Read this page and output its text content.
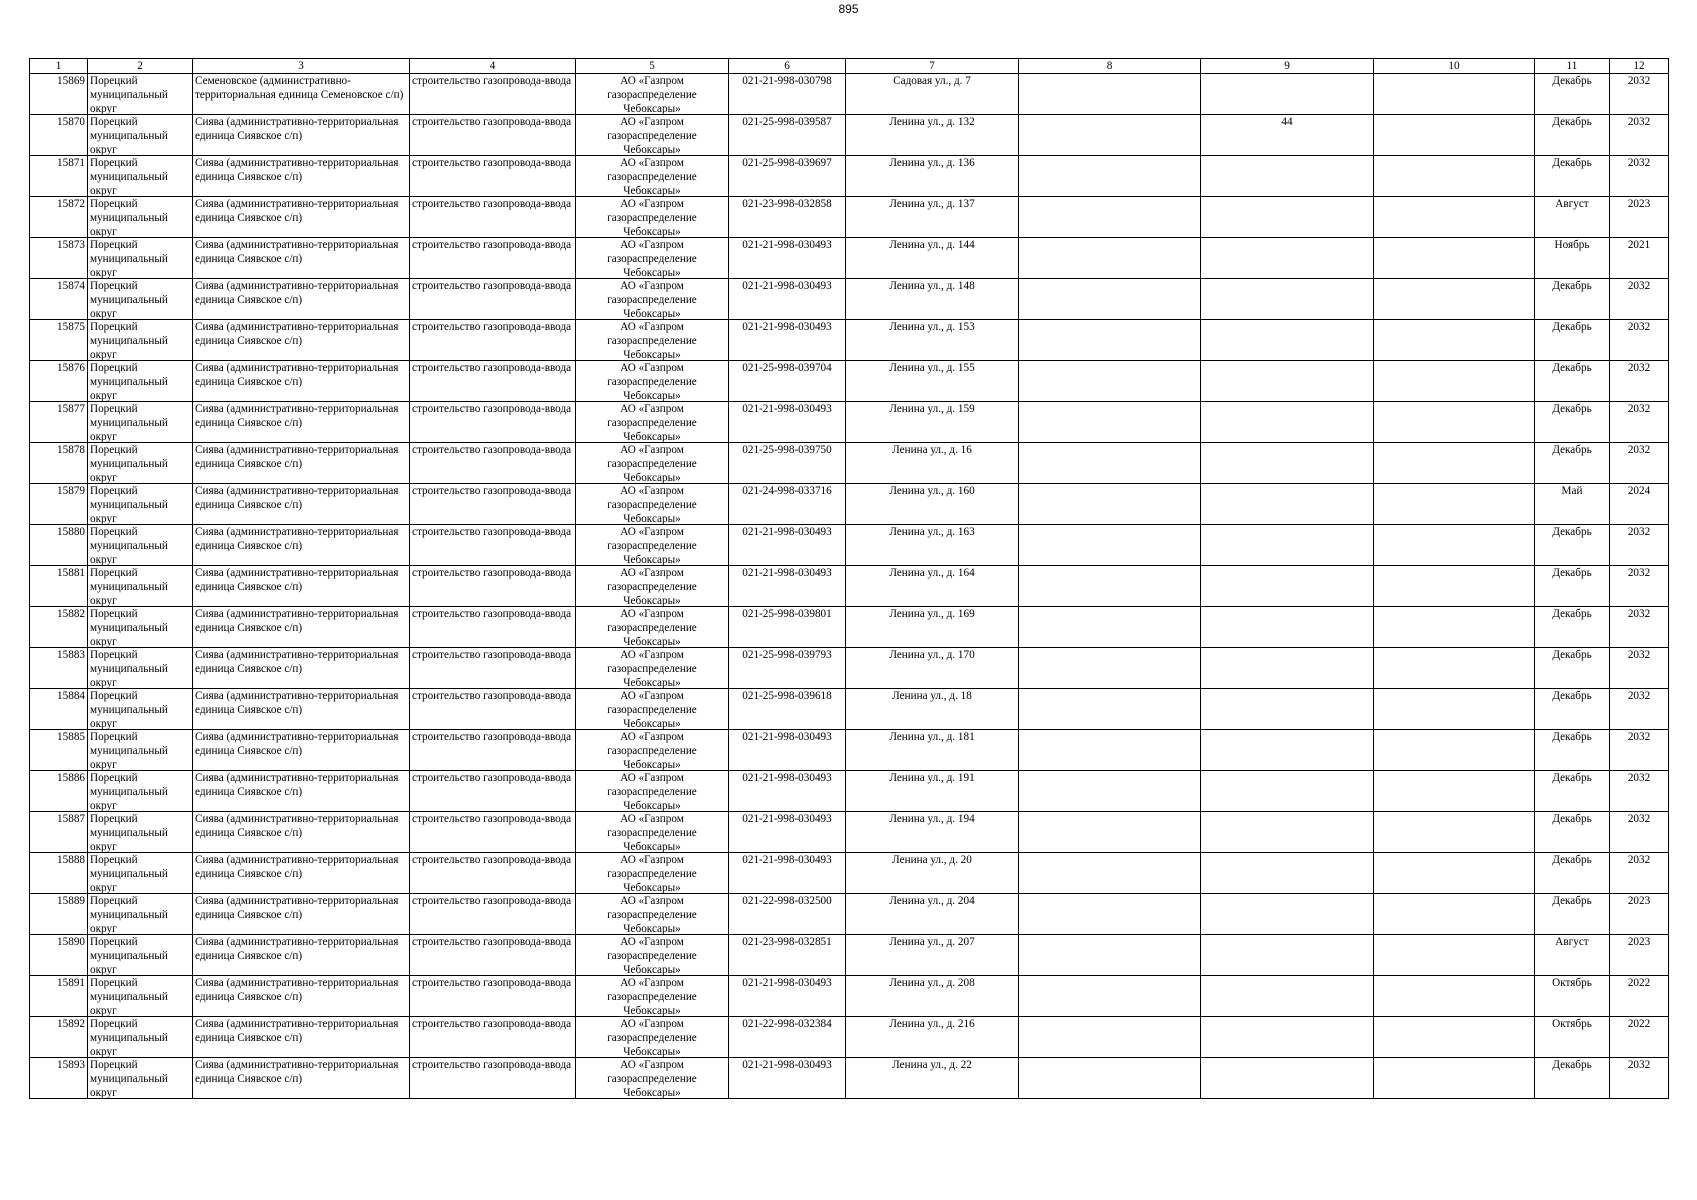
895
1	2	3	4	5	6	7	8	9	10	11	12

15869	Порецкий муниципальный округ	Семеновское (административно-территориальная единица Семеновское с/п)	строительство газопровода-ввода	АО «Газпром газораспределение Чебоксары»	021-21-998-030798	Садовая ул., д. 7				Декабрь	2032

15870	Порецкий муниципальный округ	Сиява (административно-территориальная единица Сиявское с/п)	строительство газопровода-ввода	АО «Газпром газораспределение Чебоксары»	021-25-998-039587	Ленина ул., д. 132		44		Декабрь	2032

15871	Порецкий муниципальный округ	Сиява (административно-территориальная единица Сиявское с/п)	строительство газопровода-ввода	АО «Газпром газораспределение Чебоксары»	021-25-998-039697	Ленина ул., д. 136				Декабрь	2032

15872	Порецкий муниципальный округ	Сиява (административно-территориальная единица Сиявское с/п)	строительство газопровода-ввода	АО «Газпром газораспределение Чебоксары»	021-23-998-032858	Ленина ул., д. 137				Август	2023

15873	Порецкий муниципальный округ	Сиява (административно-территориальная единица Сиявское с/п)	строительство газопровода-ввода	АО «Газпром газораспределение Чебоксары»	021-21-998-030493	Ленина ул., д. 144				Ноябрь	2021

15874	Порецкий муниципальный округ	Сиява (административно-территориальная единица Сиявское с/п)	строительство газопровода-ввода	АО «Газпром газораспределение Чебоксары»	021-21-998-030493	Ленина ул., д. 148				Декабрь	2032

15875	Порецкий муниципальный округ	Сиява (административно-территориальная единица Сиявское с/п)	строительство газопровода-ввода	АО «Газпром газораспределение Чебоксары»	021-21-998-030493	Ленина ул., д. 153				Декабрь	2032

15876	Порецкий муниципальный округ	Сиява (административно-территориальная единица Сиявское с/п)	строительство газопровода-ввода	АО «Газпром газораспределение Чебоксары»	021-25-998-039704	Ленина ул., д. 155				Декабрь	2032

15877	Порецкий муниципальный округ	Сиява (административно-территориальная единица Сиявское с/п)	строительство газопровода-ввода	АО «Газпром газораспределение Чебоксары»	021-21-998-030493	Ленина ул., д. 159				Декабрь	2032

15878	Порецкий муниципальный округ	Сиява (административно-территориальная единица Сиявское с/п)	строительство газопровода-ввода	АО «Газпром газораспределение Чебоксары»	021-25-998-039750	Ленина ул., д. 16				Декабрь	2032

15879	Порецкий муниципальный округ	Сиява (административно-территориальная единица Сиявское с/п)	строительство газопровода-ввода	АО «Газпром газораспределение Чебоксары»	021-24-998-033716	Ленина ул., д. 160				Май	2024

15880	Порецкий муниципальный округ	Сиява (административно-территориальная единица Сиявское с/п)	строительство газопровода-ввода	АО «Газпром газораспределение Чебоксары»	021-21-998-030493	Ленина ул., д. 163				Декабрь	2032

15881	Порецкий муниципальный округ	Сиява (административно-территориальная единица Сиявское с/п)	строительство газопровода-ввода	АО «Газпром газораспределение Чебоксары»	021-21-998-030493	Ленина ул., д. 164				Декабрь	2032

15882	Порецкий муниципальный округ	Сиява (административно-территориальная единица Сиявское с/п)	строительство газопровода-ввода	АО «Газпром газораспределение Чебоксары»	021-25-998-039801	Ленина ул., д. 169				Декабрь	2032

15883	Порецкий муниципальный округ	Сиява (административно-территориальная единица Сиявское с/п)	строительство газопровода-ввода	АО «Газпром газораспределение Чебоксары»	021-25-998-039793	Ленина ул., д. 170				Декабрь	2032

15884	Порецкий муниципальный округ	Сиява (административно-территориальная единица Сиявское с/п)	строительство газопровода-ввода	АО «Газпром газораспределение Чебоксары»	021-25-998-039618	Ленина ул., д. 18				Декабрь	2032

15885	Порецкий муниципальный округ	Сиява (административно-территориальная единица Сиявское с/п)	строительство газопровода-ввода	АО «Газпром газораспределение Чебоксары»	021-21-998-030493	Ленина ул., д. 181				Декабрь	2032

15886	Порецкий муниципальный округ	Сиява (административно-территориальная единица Сиявское с/п)	строительство газопровода-ввода	АО «Газпром газораспределение Чебоксары»	021-21-998-030493	Ленина ул., д. 191				Декабрь	2032

15887	Порецкий муниципальный округ	Сиява (административно-территориальная единица Сиявское с/п)	строительство газопровода-ввода	АО «Газпром газораспределение Чебоксары»	021-21-998-030493	Ленина ул., д. 194				Декабрь	2032

15888	Порецкий муниципальный округ	Сиява (административно-территориальная единица Сиявское с/п)	строительство газопровода-ввода	АО «Газпром газораспределение Чебоксары»	021-21-998-030493	Ленина ул., д. 20				Декабрь	2032

15889	Порецкий муниципальный округ	Сиява (административно-территориальная единица Сиявское с/п)	строительство газопровода-ввода	АО «Газпром газораспределение Чебоксары»	021-22-998-032500	Ленина ул., д. 204				Декабрь	2023

15890	Порецкий муниципальный округ	Сиява (административно-территориальная единица Сиявское с/п)	строительство газопровода-ввода	АО «Газпром газораспределение Чебоксары»	021-23-998-032851	Ленина ул., д. 207				Август	2023

15891	Порецкий муниципальный округ	Сиява (административно-территориальная единица Сиявское с/п)	строительство газопровода-ввода	АО «Газпром газораспределение Чебоксары»	021-21-998-030493	Ленина ул., д. 208				Октябрь	2022

15892	Порецкий муниципальный округ	Сиява (административно-территориальная единица Сиявское с/п)	строительство газопровода-ввода	АО «Газпром газораспределение Чебоксары»	021-22-998-032384	Ленина ул., д. 216				Октябрь	2022

15893	Порецкий муниципальный округ	Сиява (административно-территориальная единица Сиявское с/п)	строительство газопровода-ввода	АО «Газпром газораспределение Чебоксары»	021-21-998-030493	Ленина ул., д. 22				Декабрь	2032
